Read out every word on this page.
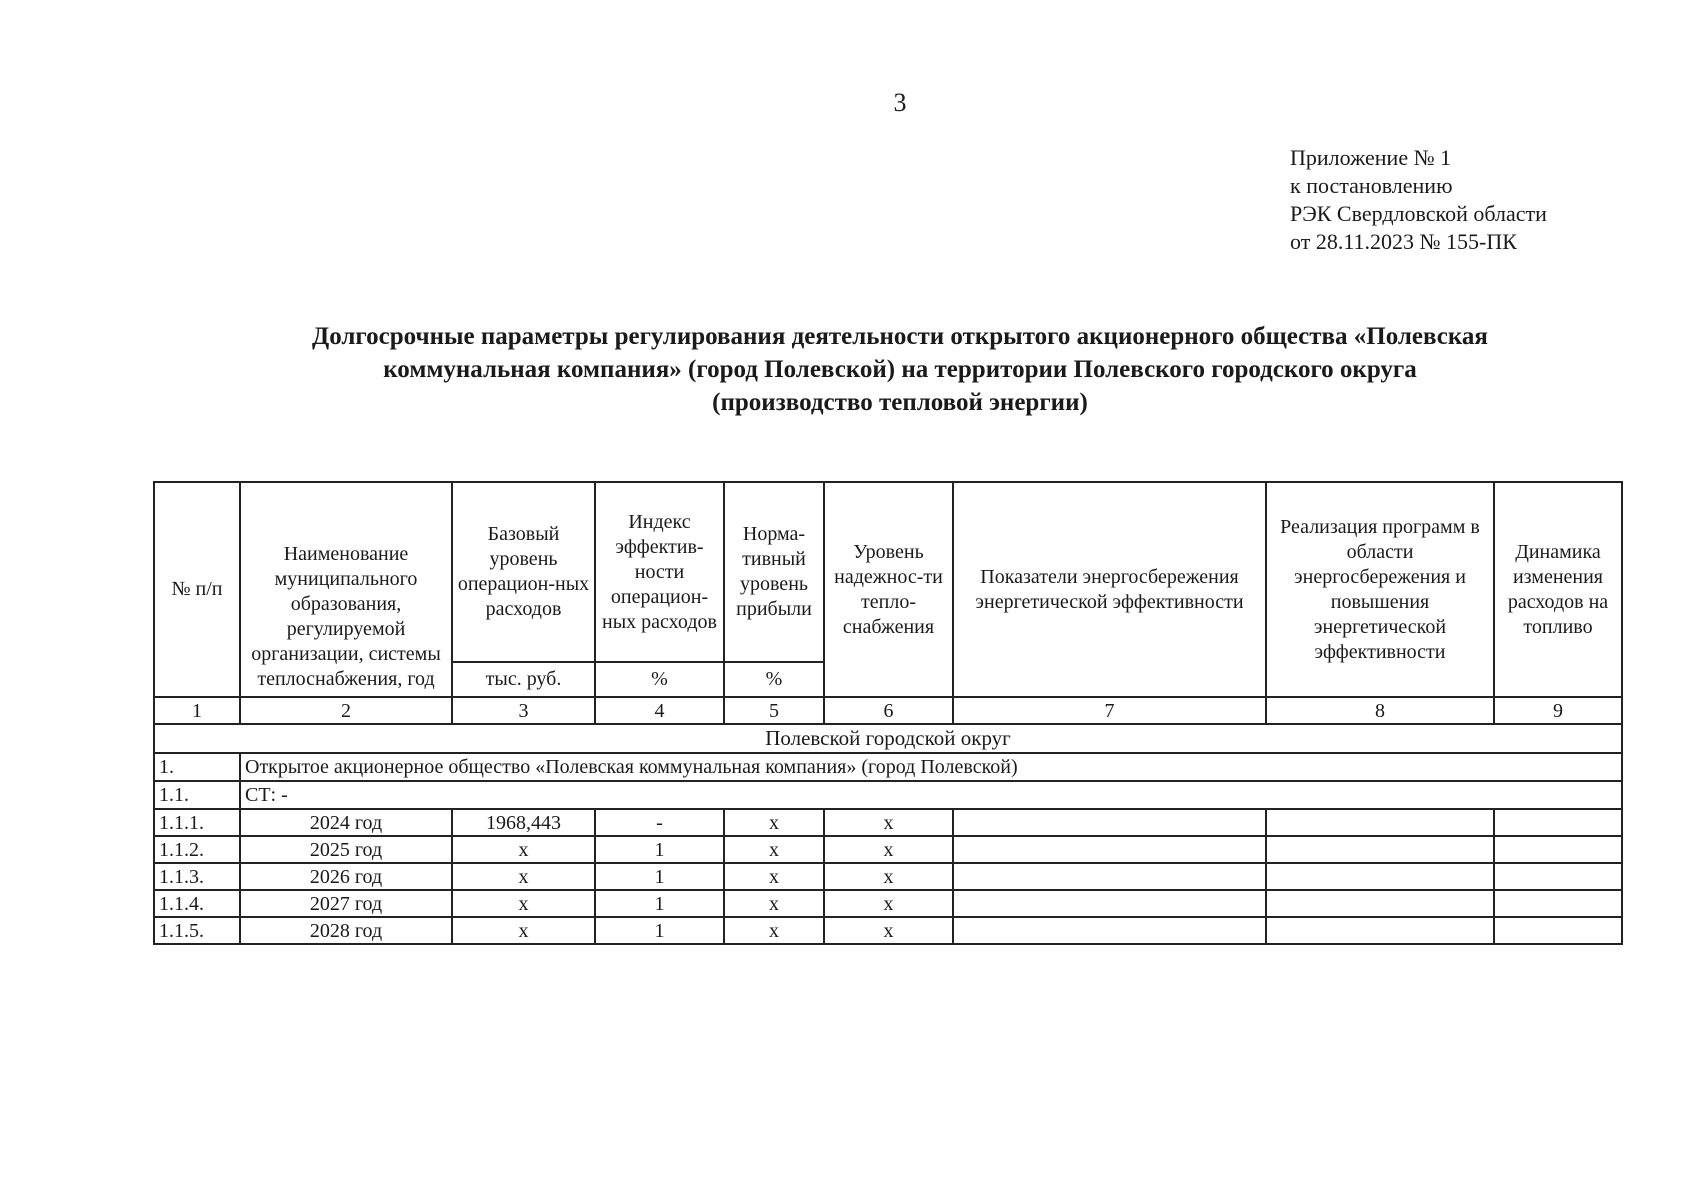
3
Приложение № 1
к постановлению
РЭК Свердловской области
от 28.11.2023 № 155-ПК
Долгосрочные параметры регулирования деятельности открытого акционерного общества «Полевская
коммунальная компания» (город Полевской) на территории Полевского городского округа
(производство тепловой энергии)
№ п/п	Наименование муниципального образования, регулируемой организации, системы теплоснабжения, год	Базовый уровень операцион-ных расходов	Индекс эффектив-ности операцион-ных расходов	Норма-тивный уровень прибыли	Уровень надежнос-ти тепло-снабжения	Показатели энергосбережения энергетической эффективности	Реализация программ в области энергосбережения и повышения энергетической эффективности	Динамика изменения расходов на топливо
		тыс. руб.	%	%				
1	2	3	4	5	6	7	8	9
Полевской городской округ								
1.	Открытое акционерное общество «Полевская коммунальная компания» (город Полевской)							
1.1.	СТ: -							
1.1.1.	2024 год	1968,443	-	х	х			
1.1.2.	2025 год	х	1	х	х			
1.1.3.	2026 год	х	1	х	х			
1.1.4.	2027 год	х	1	х	х			
1.1.5.	2028 год	х	1	х	х			
